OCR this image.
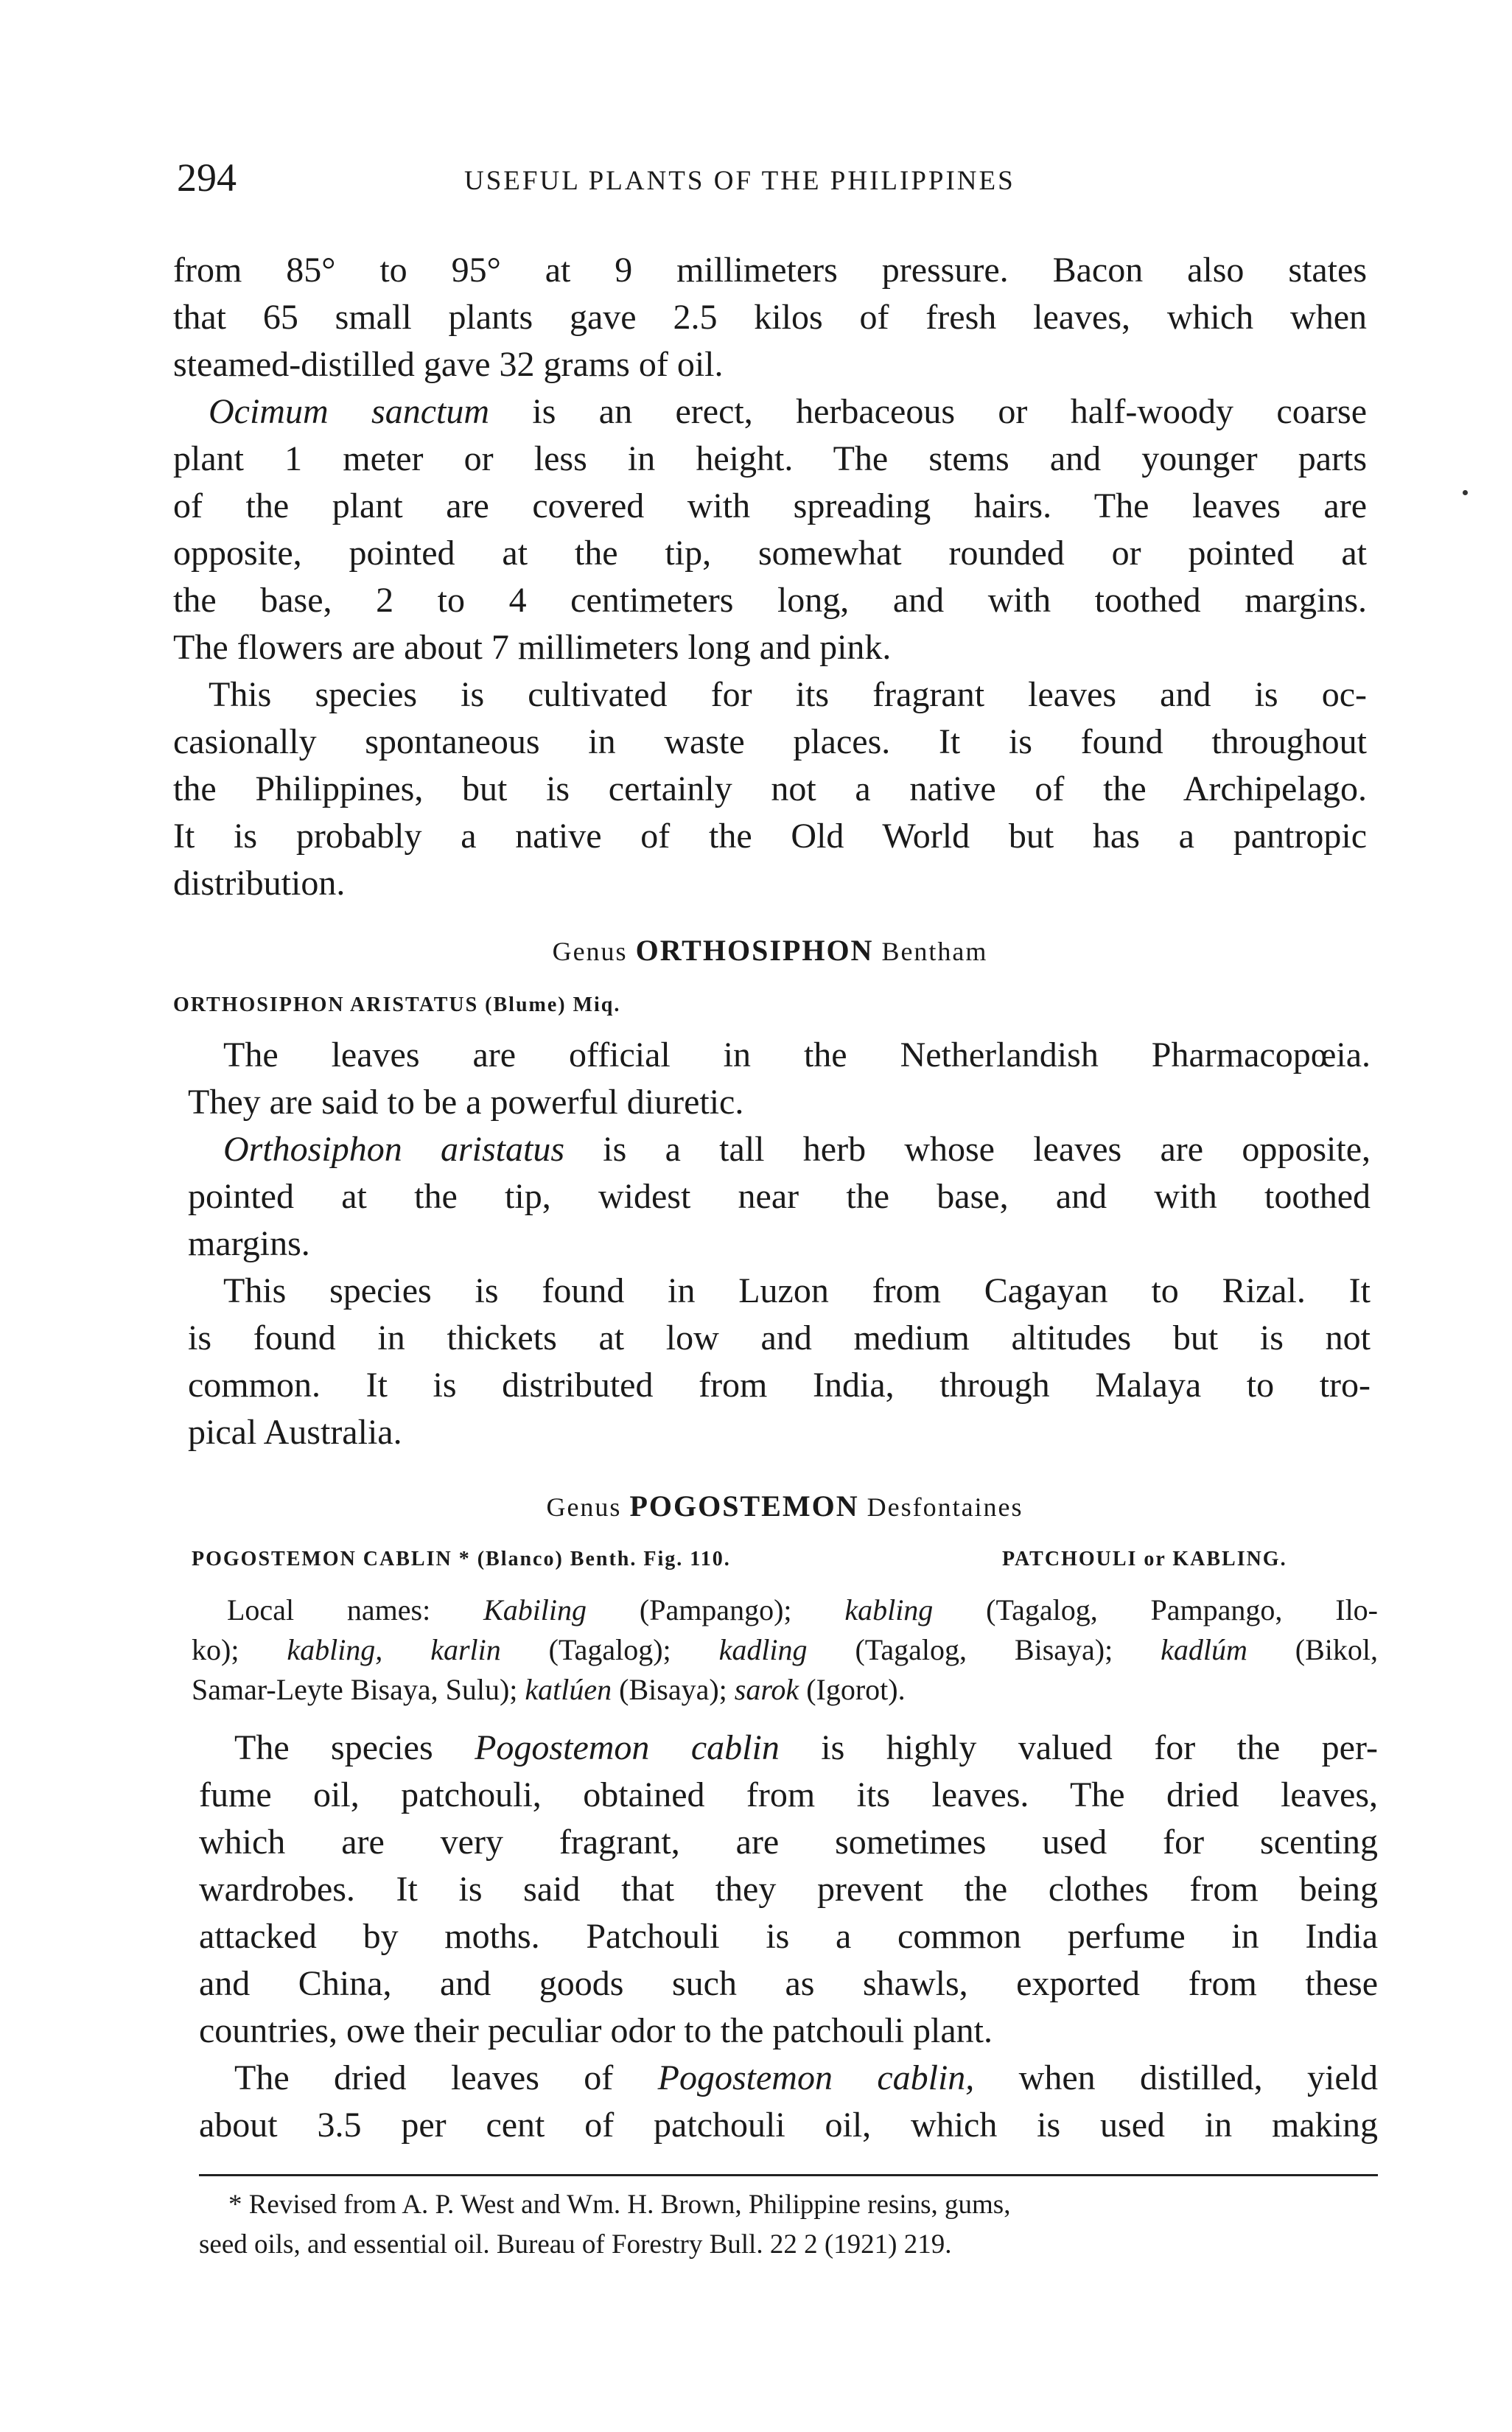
294	USEFUL PLANTS OF THE PHILIPPINES
from 85° to 95° at 9 millimeters pressure. Bacon also states
that 65 small plants gave 2.5 kilos of fresh leaves, which when
steamed-distilled gave 32 grams of oil.
Ocimum sanctum is an erect, herbaceous or half-woody coarse
plant 1 meter or less in height. The stems and younger parts
of the plant are covered with spreading hairs. The leaves are
opposite, pointed at the tip, somewhat rounded or pointed at
the base, 2 to 4 centimeters long, and with toothed margins.
The flowers are about 7 millimeters long and pink.
This species is cultivated for its fragrant leaves and is oc-
casionally spontaneous in waste places. It is found throughout
the Philippines, but is certainly not a native of the Archipelago.
It is probably a native of the Old World but has a pantropic
distribution.
Genus ORTHOSIPHON Bentham
ORTHOSIPHON ARISTATUS (Blume) Miq.
The leaves are official in the Netherlandish Pharmacopœia.
They are said to be a powerful diuretic.
Orthosiphon aristatus is a tall herb whose leaves are opposite,
pointed at the tip, widest near the base, and with toothed
margins.
This species is found in Luzon from Cagayan to Rizal. It
is found in thickets at low and medium altitudes but is not
common. It is distributed from India, through Malaya to tro-
pical Australia.
Genus POGOSTEMON Desfontaines
POGOSTEMON CABLIN * (Blanco) Benth. Fig. 110.	PATCHOULI or KABLING.
Local names: Kabiling (Pampango); kabling (Tagalog, Pampango, Ilo-
ko); kabling, karlin (Tagalog); kadling (Tagalog, Bisaya); kadlúm (Bikol,
Samar-Leyte Bisaya, Sulu); katlúen (Bisaya); sarok (Igorot).
The species Pogostemon cablin is highly valued for the per-
fume oil, patchouli, obtained from its leaves. The dried leaves,
which are very fragrant, are sometimes used for scenting
wardrobes. It is said that they prevent the clothes from being
attacked by moths. Patchouli is a common perfume in India
and China, and goods such as shawls, exported from these
countries, owe their peculiar odor to the patchouli plant.
The dried leaves of Pogostemon cablin, when distilled, yield
about 3.5 per cent of patchouli oil, which is used in making
* Revised from A. P. West and Wm. H. Brown, Philippine resins, gums,
seed oils, and essential oil. Bureau of Forestry Bull. 22 2 (1921) 219.
